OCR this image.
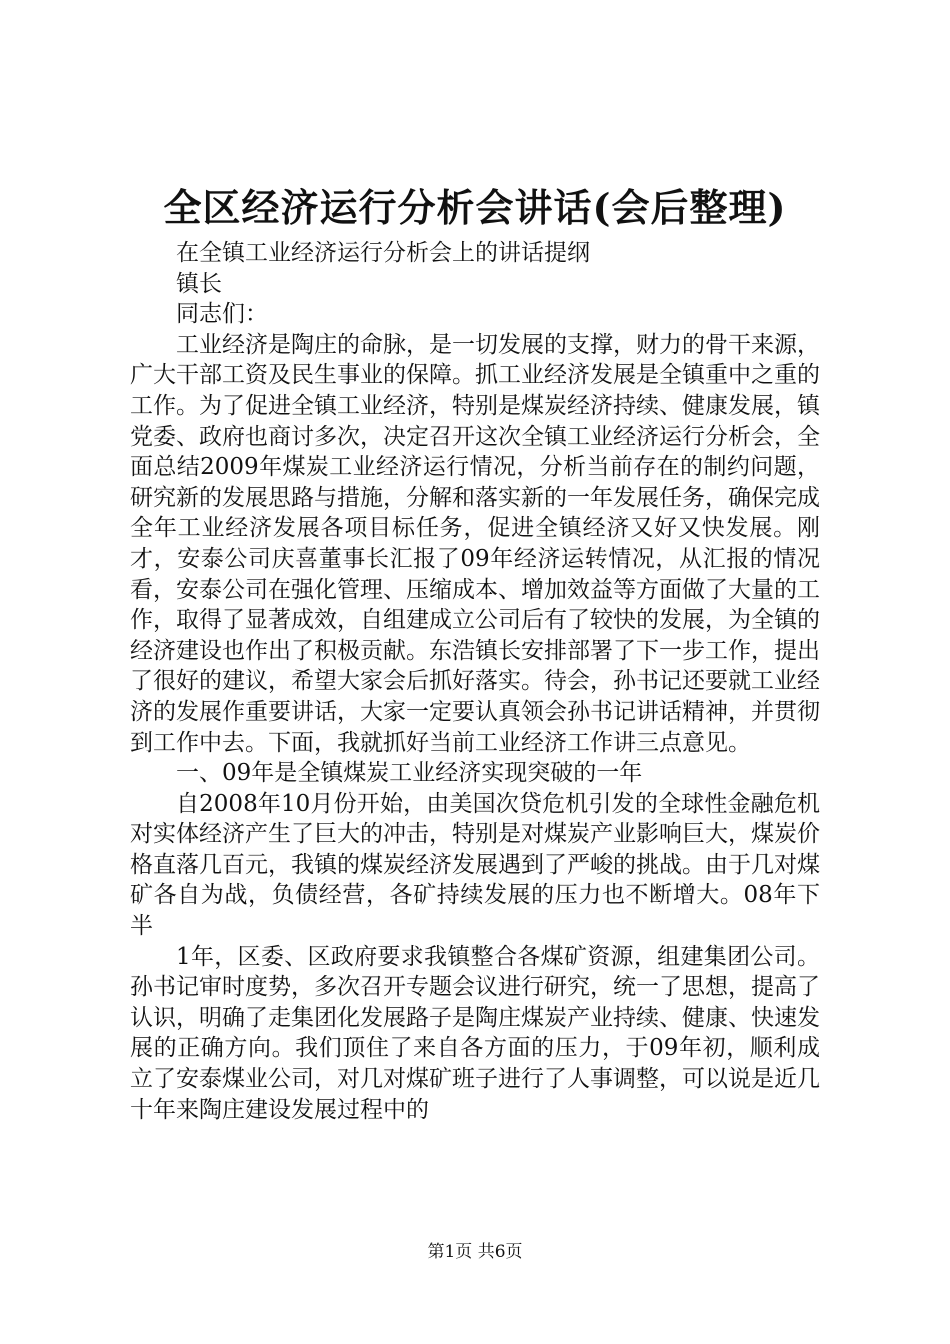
全区经济运行分析会讲话(会后整理)

在全镇工业经济运行分析会上的讲话提纲

镇长

同志们：

工业经济是陶庄的命脉，是一切发展的支撑，财力的骨干来源，广大干部工资及民生事业的保障。抓工业经济发展是全镇重中之重的工作。为了促进全镇工业经济，特别是煤炭经济持续、健康发展，镇党委、政府也商讨多次，决定召开这次全镇工业经济运行分析会，全面总结2009年煤炭工业经济运行情况，分析当前存在的制约问题，研究新的发展思路与措施，分解和落实新的一年发展任务，确保完成全年工业经济发展各项目标任务，促进全镇经济又好又快发展。刚才，安泰公司庆喜董事长汇报了09年经济运转情况，从汇报的情况看，安泰公司在强化管理、压缩成本、增加效益等方面做了大量的工作，取得了显著成效，自组建成立公司后有了较快的发展，为全镇的经济建设也作出了积极贡献。东浩镇长安排部署了下一步工作，提出了很好的建议，希望大家会后抓好落实。待会，孙书记还要就工业经济的发展作重要讲话，大家一定要认真领会孙书记讲话精神，并贯彻到工作中去。下面，我就抓好当前工业经济工作讲三点意见。

一、09年是全镇煤炭工业经济实现突破的一年

自2008年10月份开始，由美国次贷危机引发的全球性金融危机对实体经济产生了巨大的冲击，特别是对煤炭产业影响巨大，煤炭价格直落几百元，我镇的煤炭经济发展遇到了严峻的挑战。由于几对煤矿各自为战，负债经营，各矿持续发展的压力也不断增大。08年下半

1年，区委、区政府要求我镇整合各煤矿资源，组建集团公司。孙书记审时度势，多次召开专题会议进行研究，统一了思想，提高了认识，明确了走集团化发展路子是陶庄煤炭产业持续、健康、快速发展的正确方向。我们顶住了来自各方面的压力，于09年初，顺利成立了安泰煤业公司，对几对煤矿班子进行了人事调整，可以说是近几十年来陶庄建设发展过程中的

第1页 共6页
